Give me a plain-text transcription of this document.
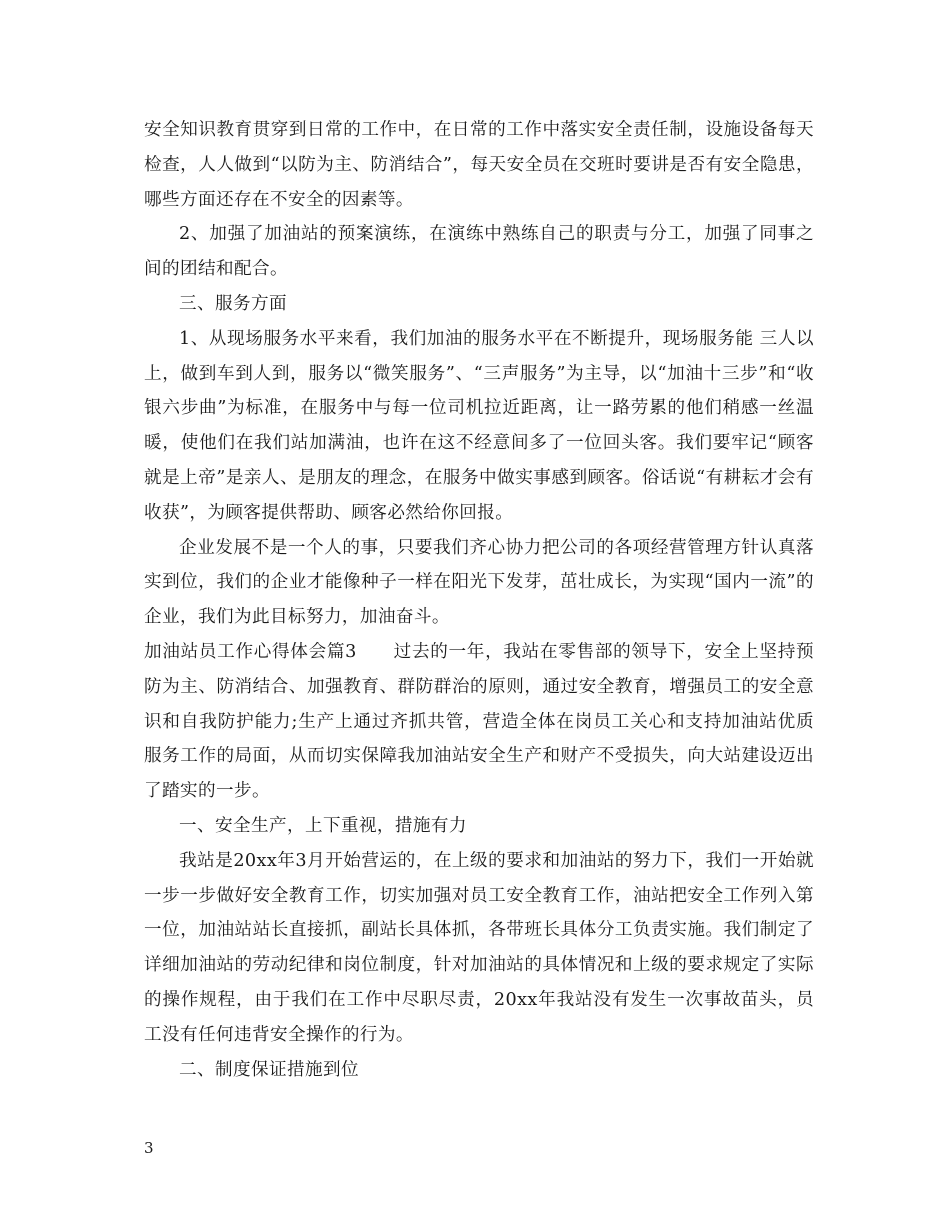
安全知识教育贯穿到日常的工作中，在日常的工作中落实安全责任制，设施设备每天检查，人人做到“以防为主、防消结合”，每天安全员在交班时要讲是否有安全隐患，哪些方面还存在不安全的因素等。

2、加强了加油站的预案演练，在演练中熟练自己的职责与分工，加强了同事之间的团结和配合。

三、服务方面

1、从现场服务水平来看，我们加油的服务水平在不断提升，现场服务能 三人以上，做到车到人到，服务以“微笑服务”、“三声服务”为主导，以“加油十三步”和“收银六步曲”为标准，在服务中与每一位司机拉近距离，让一路劳累的他们稍感一丝温暖，使他们在我们站加满油，也许在这不经意间多了一位回头客。我们要牢记“顾客就是上帝”是亲人、是朋友的理念，在服务中做实事感到顾客。俗话说“有耕耘才会有收获”，为顾客提供帮助、顾客必然给你回报。

企业发展不是一个人的事，只要我们齐心协力把公司的各项经营管理方针认真落实到位，我们的企业才能像种子一样在阳光下发芽，茁壮成长，为实现“国内一流”的企业，我们为此目标努力，加油奋斗。

加油站员工作心得体会篇3　　 过去的一年，我站在零售部的领导下，安全上坚持预防为主、防消结合、加强教育、群防群治的原则，通过安全教育，增强员工的安全意识和自我防护能力;生产上通过齐抓共管，营造全体在岗员工关心和支持加油站优质服务工作的局面，从而切实保障我加油站安全生产和财产不受损失，向大站建设迈出了踏实的一步。

一、安全生产，上下重视，措施有力

我站是20xx年3月开始营运的，在上级的要求和加油站的努力下，我们一开始就一步一步做好安全教育工作，切实加强对员工安全教育工作，油站把安全工作列入第一位，加油站站长直接抓，副站长具体抓，各带班长具体分工负责实施。我们制定了详细加油站的劳动纪律和岗位制度，针对加油站的具体情况和上级的要求规定了实际的操作规程，由于我们在工作中尽职尽责，20xx年我站没有发生一次事故苗头，员工没有任何违背安全操作的行为。

二、制度保证措施到位

3
